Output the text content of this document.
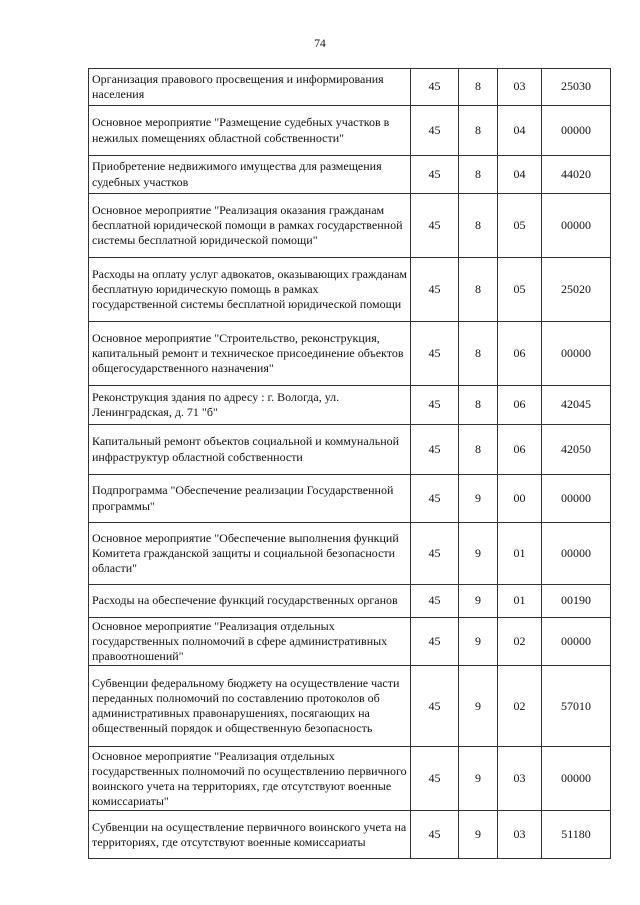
74
Организация правового просвещения и информирования населения	45	8	03	25030
Основное мероприятие "Размещение судебных участков в нежилых помещениях областной собственности"	45	8	04	00000
Приобретение недвижимого имущества для размещения судебных участков	45	8	04	44020
Основное мероприятие "Реализация оказания гражданам бесплатной юридической помощи в рамках государственной системы бесплатной юридической помощи"	45	8	05	00000
Расходы на оплату услуг адвокатов, оказывающих гражданам бесплатную юридическую помощь в рамках государственной системы бесплатной юридической помощи	45	8	05	25020
Основное мероприятие "Строительство, реконструкция, капитальный ремонт и техническое присоединение объектов общегосударственного назначения"	45	8	06	00000
Реконструкция здания по адресу : г. Вологда, ул. Ленинградская, д. 71 "б"	45	8	06	42045
Капитальный ремонт объектов социальной и коммунальной инфраструктур областной собственности	45	8	06	42050
Подпрограмма "Обеспечение реализации Государственной программы"	45	9	00	00000
Основное мероприятие "Обеспечение выполнения функций Комитета гражданской защиты и социальной безопасности области"	45	9	01	00000
Расходы на обеспечение функций государственных органов	45	9	01	00190
Основное мероприятие "Реализация отдельных государственных полномочий в сфере административных правоотношений"	45	9	02	00000
Субвенции федеральному бюджету на осуществление части переданных полномочий по составлению протоколов об административных правонарушениях, посягающих на общественный порядок и общественную безопасность	45	9	02	57010
Основное мероприятие "Реализация отдельных государственных полномочий по осуществлению первичного воинского учета на территориях, где отсутствуют военные комиссариаты"	45	9	03	00000
Субвенции на осуществление первичного воинского учета на территориях, где отсутствуют военные комиссариаты	45	9	03	51180
